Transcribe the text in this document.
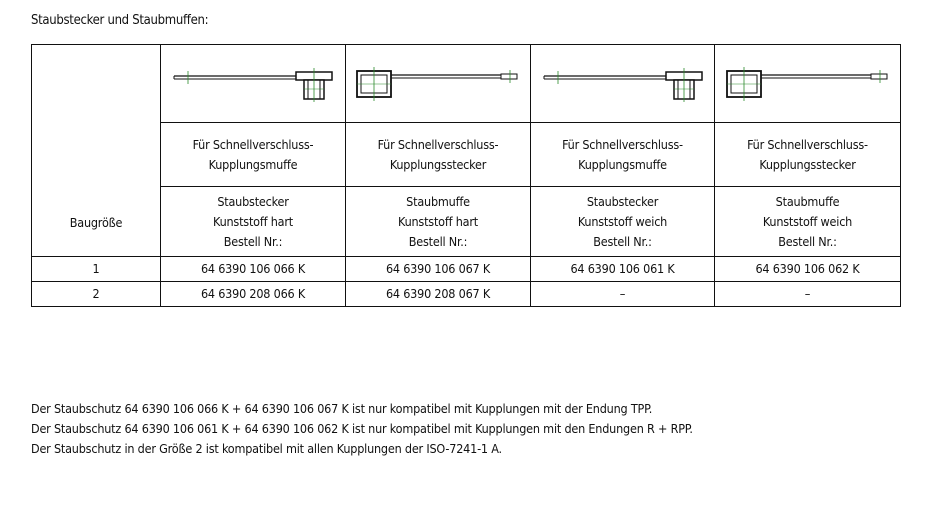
Staubstecker und Staubmuffen:
Baugröße	

	Für Schnellverschluss-
Kupplungsmuffe	Für Schnellverschluss-
Kupplungsstecker	Für Schnellverschluss-
Kupplungsmuffe	Für Schnellverschluss-
Kupplungsstecker

	Staubstecker
Kunststoff hart
Bestell Nr.:	Staubmuffe
Kunststoff hart
Bestell Nr.:	Staubstecker
Kunststoff weich
Bestell Nr.:	Staubmuffe
Kunststoff weich
Bestell Nr.:

1	64 6390 106 066 K	64 6390 106 067 K	64 6390 106 061 K	64 6390 106 062 K
2	64 6390 208 066 K	64 6390 208 067 K	–	–
Der Staubschutz 64 6390 106 066 K + 64 6390 106 067 K ist nur kompatibel mit Kupplungen mit der Endung TPP.
Der Staubschutz 64 6390 106 061 K + 64 6390 106 062 K ist nur kompatibel mit Kupplungen mit den Endungen R + RPP.
Der Staubschutz in der Größe 2 ist kompatibel mit allen Kupplungen der ISO-7241-1 A.
